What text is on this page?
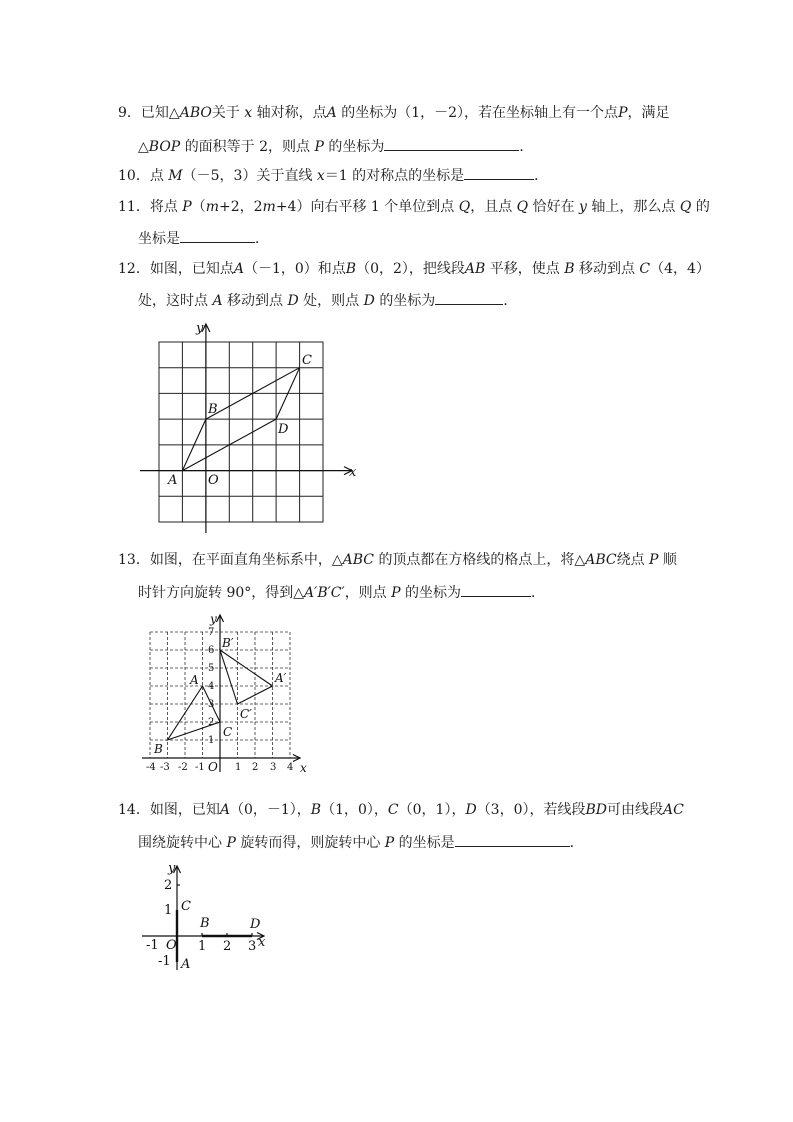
9．已知△ABO关于 x 轴对称，点A 的坐标为（1，－2），若在坐标轴上有一个点P，满足
△BOP 的面积等于 2，则点 P 的坐标为	．
10．点 M（－5，3）关于直线 x＝1 的对称点的坐标是	．
11．将点 P（m+2，2m+4）向右平移 1 个单位到点 Q，且点 Q 恰好在 y 轴上，那么点 Q 的
坐标是	．
12．如图，已知点A（－1，0）和点B（0，2），把线段AB 平移，使点 B 移动到点 C（4，4）
处，这时点 A 移动到点 D 处，则点 D 的坐标为	．
y
x
A
B
C
D
O
13．如图，在平面直角坐标系中，△ABC 的顶点都在方格线的格点上，将△ABC绕点 P 顺
时针方向旋转 90°，得到△A′B′C′，则点 P 的坐标为	．
-4 -3 -2 -1	1 2 3 4
1
2
3
4
5
6
7
y
x
O
A
B
C
A′
B′
C′
14．如图，已知A（0，－1），B（1，0），C（0，1），D（3，0），若线段BD可由线段AC
围绕旋转中心 P 旋转而得，则旋转中心 P 的坐标是	．
2
1
-1
-1	1 2 3
y
x
O
A
B
C
D
